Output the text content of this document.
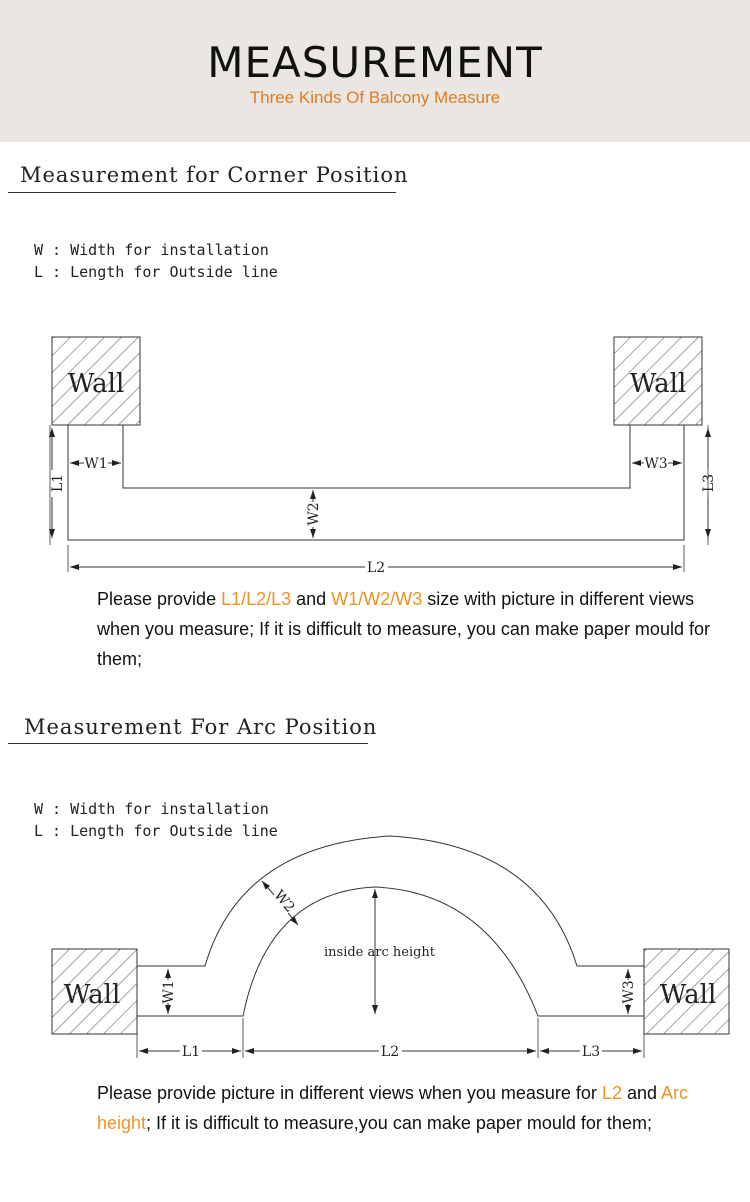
MEASUREMENT
Three Kinds Of Balcony Measure
Measurement for Corner Position
W : Width for installation
L : Length for Outside line
Measurement For Arc Position
W : Width for installation
L : Length for Outside line
Wall	Wall
W1	W3
L2
L1	L3
W2
Wall	Wall
inside arc height
L1	L2	L3
W1	W3
W2
Please provide L1/L2/L3 and W1/W2/W3 size with picture in different views when you measure; If it is difficult to measure, you can make paper mould for them;
Please provide picture in different views when you measure for L2 and Arc height; If it is difficult to measure,you can make paper mould for them;
